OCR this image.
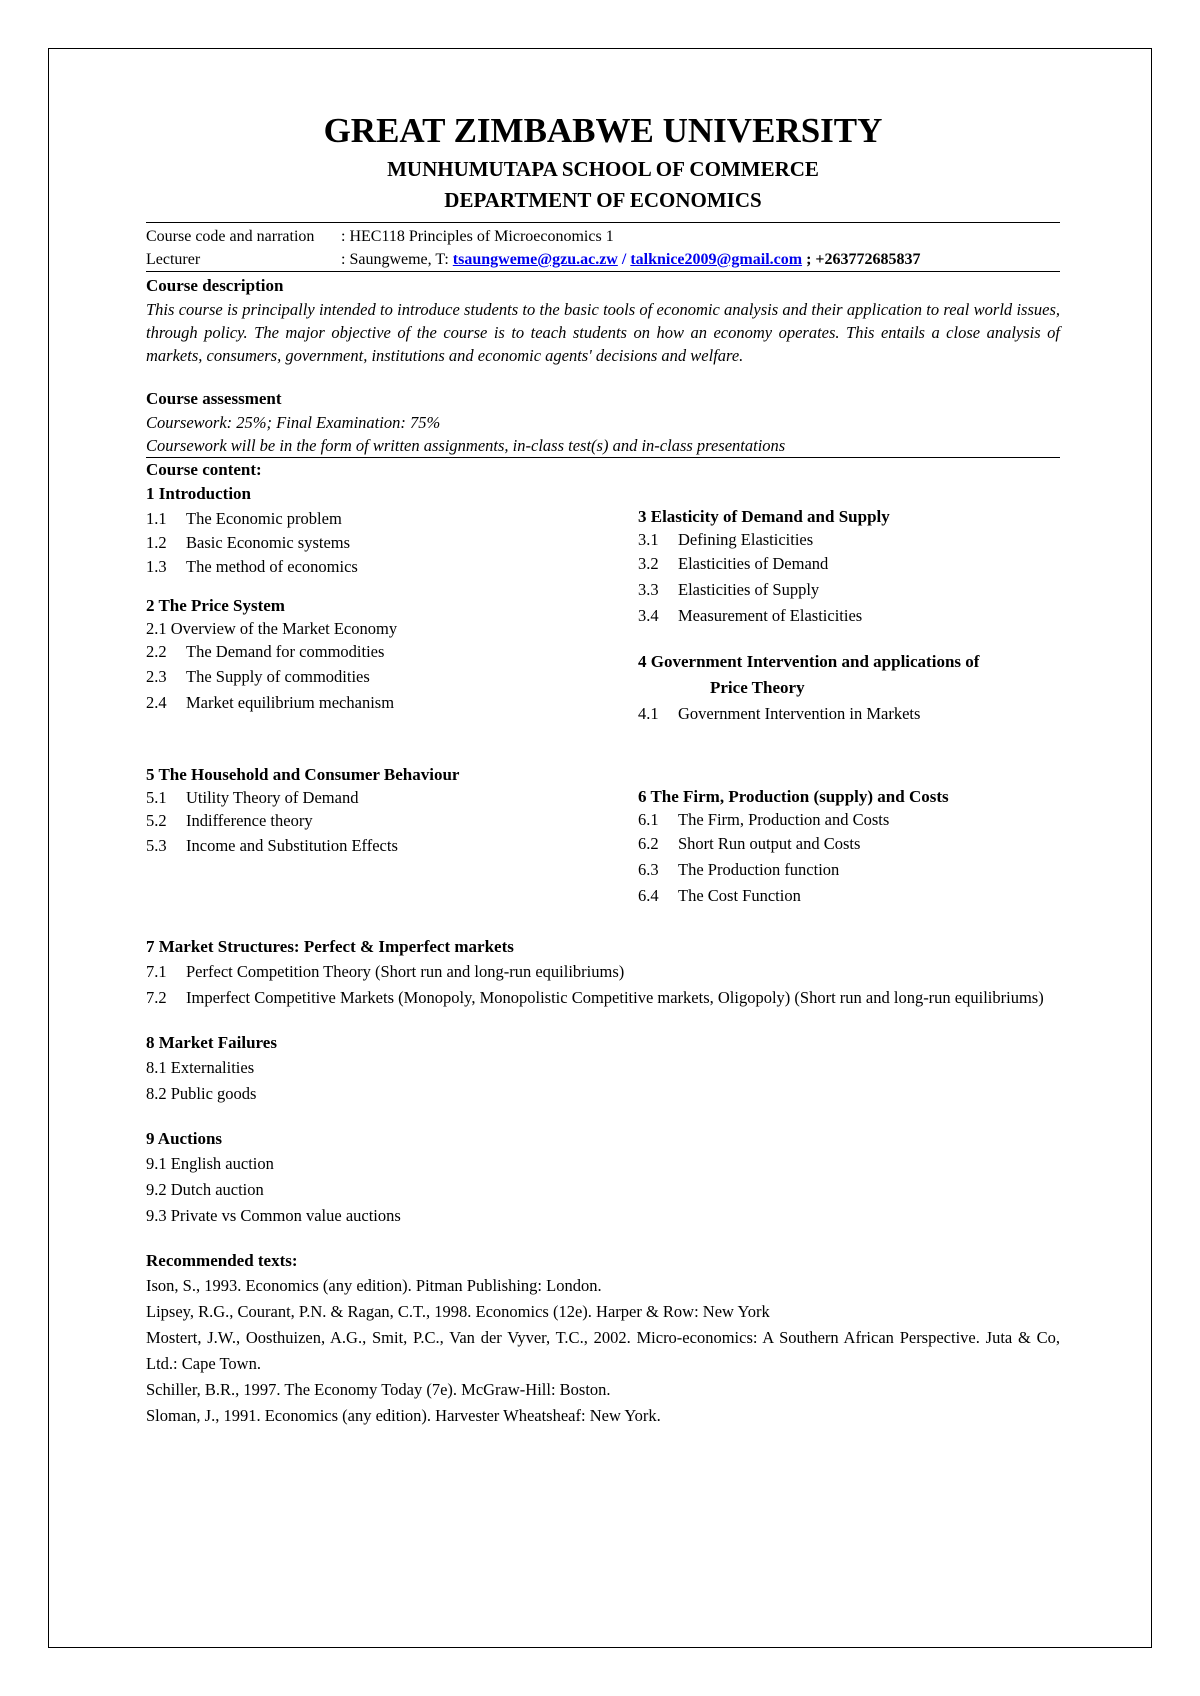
GREAT ZIMBABWE UNIVERSITY
MUNHUMUTAPA SCHOOL OF COMMERCE
DEPARTMENT OF ECONOMICS
Course code and narration : HEC118 Principles of Microeconomics 1
Lecturer	: Saungweme, T: tsaungweme@gzu.ac.zw / talknice2009@gmail.com ; +263772685837
Course description
This course is principally intended to introduce students to the basic tools of economic analysis and their application to real world issues, through policy. The major objective of the course is to teach students on how an economy operates. This entails a close analysis of markets, consumers, government, institutions and economic agents' decisions and welfare.
Course assessment
Coursework: 25%; Final Examination: 75%
Coursework will be in the form of written assignments, in-class test(s) and in-class presentations
Course content:
1 Introduction
1.1	The Economic problem
1.2	Basic Economic systems
1.3	The method of economics
2 The Price System
2.1 Overview of the Market Economy
2.2	The Demand for commodities
2.3	The Supply of commodities
2.4	Market equilibrium mechanism
3 Elasticity of Demand and Supply
3.1	Defining Elasticities
3.2	Elasticities of Demand
3.3	Elasticities of Supply
3.4	Measurement of Elasticities
4 Government Intervention and applications of
Price Theory
4.1	Government Intervention in Markets
5 The Household and Consumer Behaviour
5.1	Utility Theory of Demand
5.2	Indifference theory
5.3	Income and Substitution Effects
6 The Firm, Production (supply) and Costs
6.1	The Firm, Production and Costs
6.2	Short Run output and Costs
6.3	The Production function
6.4	The Cost Function
7 Market Structures: Perfect & Imperfect markets
7.1	Perfect Competition Theory (Short run and long-run equilibriums)
7.2	Imperfect Competitive Markets (Monopoly, Monopolistic Competitive markets, Oligopoly) (Short run and long-run equilibriums)
8 Market Failures
8.1 Externalities
8.2 Public goods
9 Auctions
9.1 English auction
9.2 Dutch auction
9.3 Private vs Common value auctions
Recommended texts:
Ison, S., 1993. Economics (any edition). Pitman Publishing: London.
Lipsey, R.G., Courant, P.N. & Ragan, C.T., 1998. Economics (12e). Harper & Row: New York
Mostert, J.W., Oosthuizen, A.G., Smit, P.C., Van der Vyver, T.C., 2002. Micro-economics: A Southern African Perspective. Juta & Co, Ltd.: Cape Town.
Schiller, B.R., 1997. The Economy Today (7e). McGraw-Hill: Boston.
Sloman, J., 1991. Economics (any edition). Harvester Wheatsheaf: New York.
